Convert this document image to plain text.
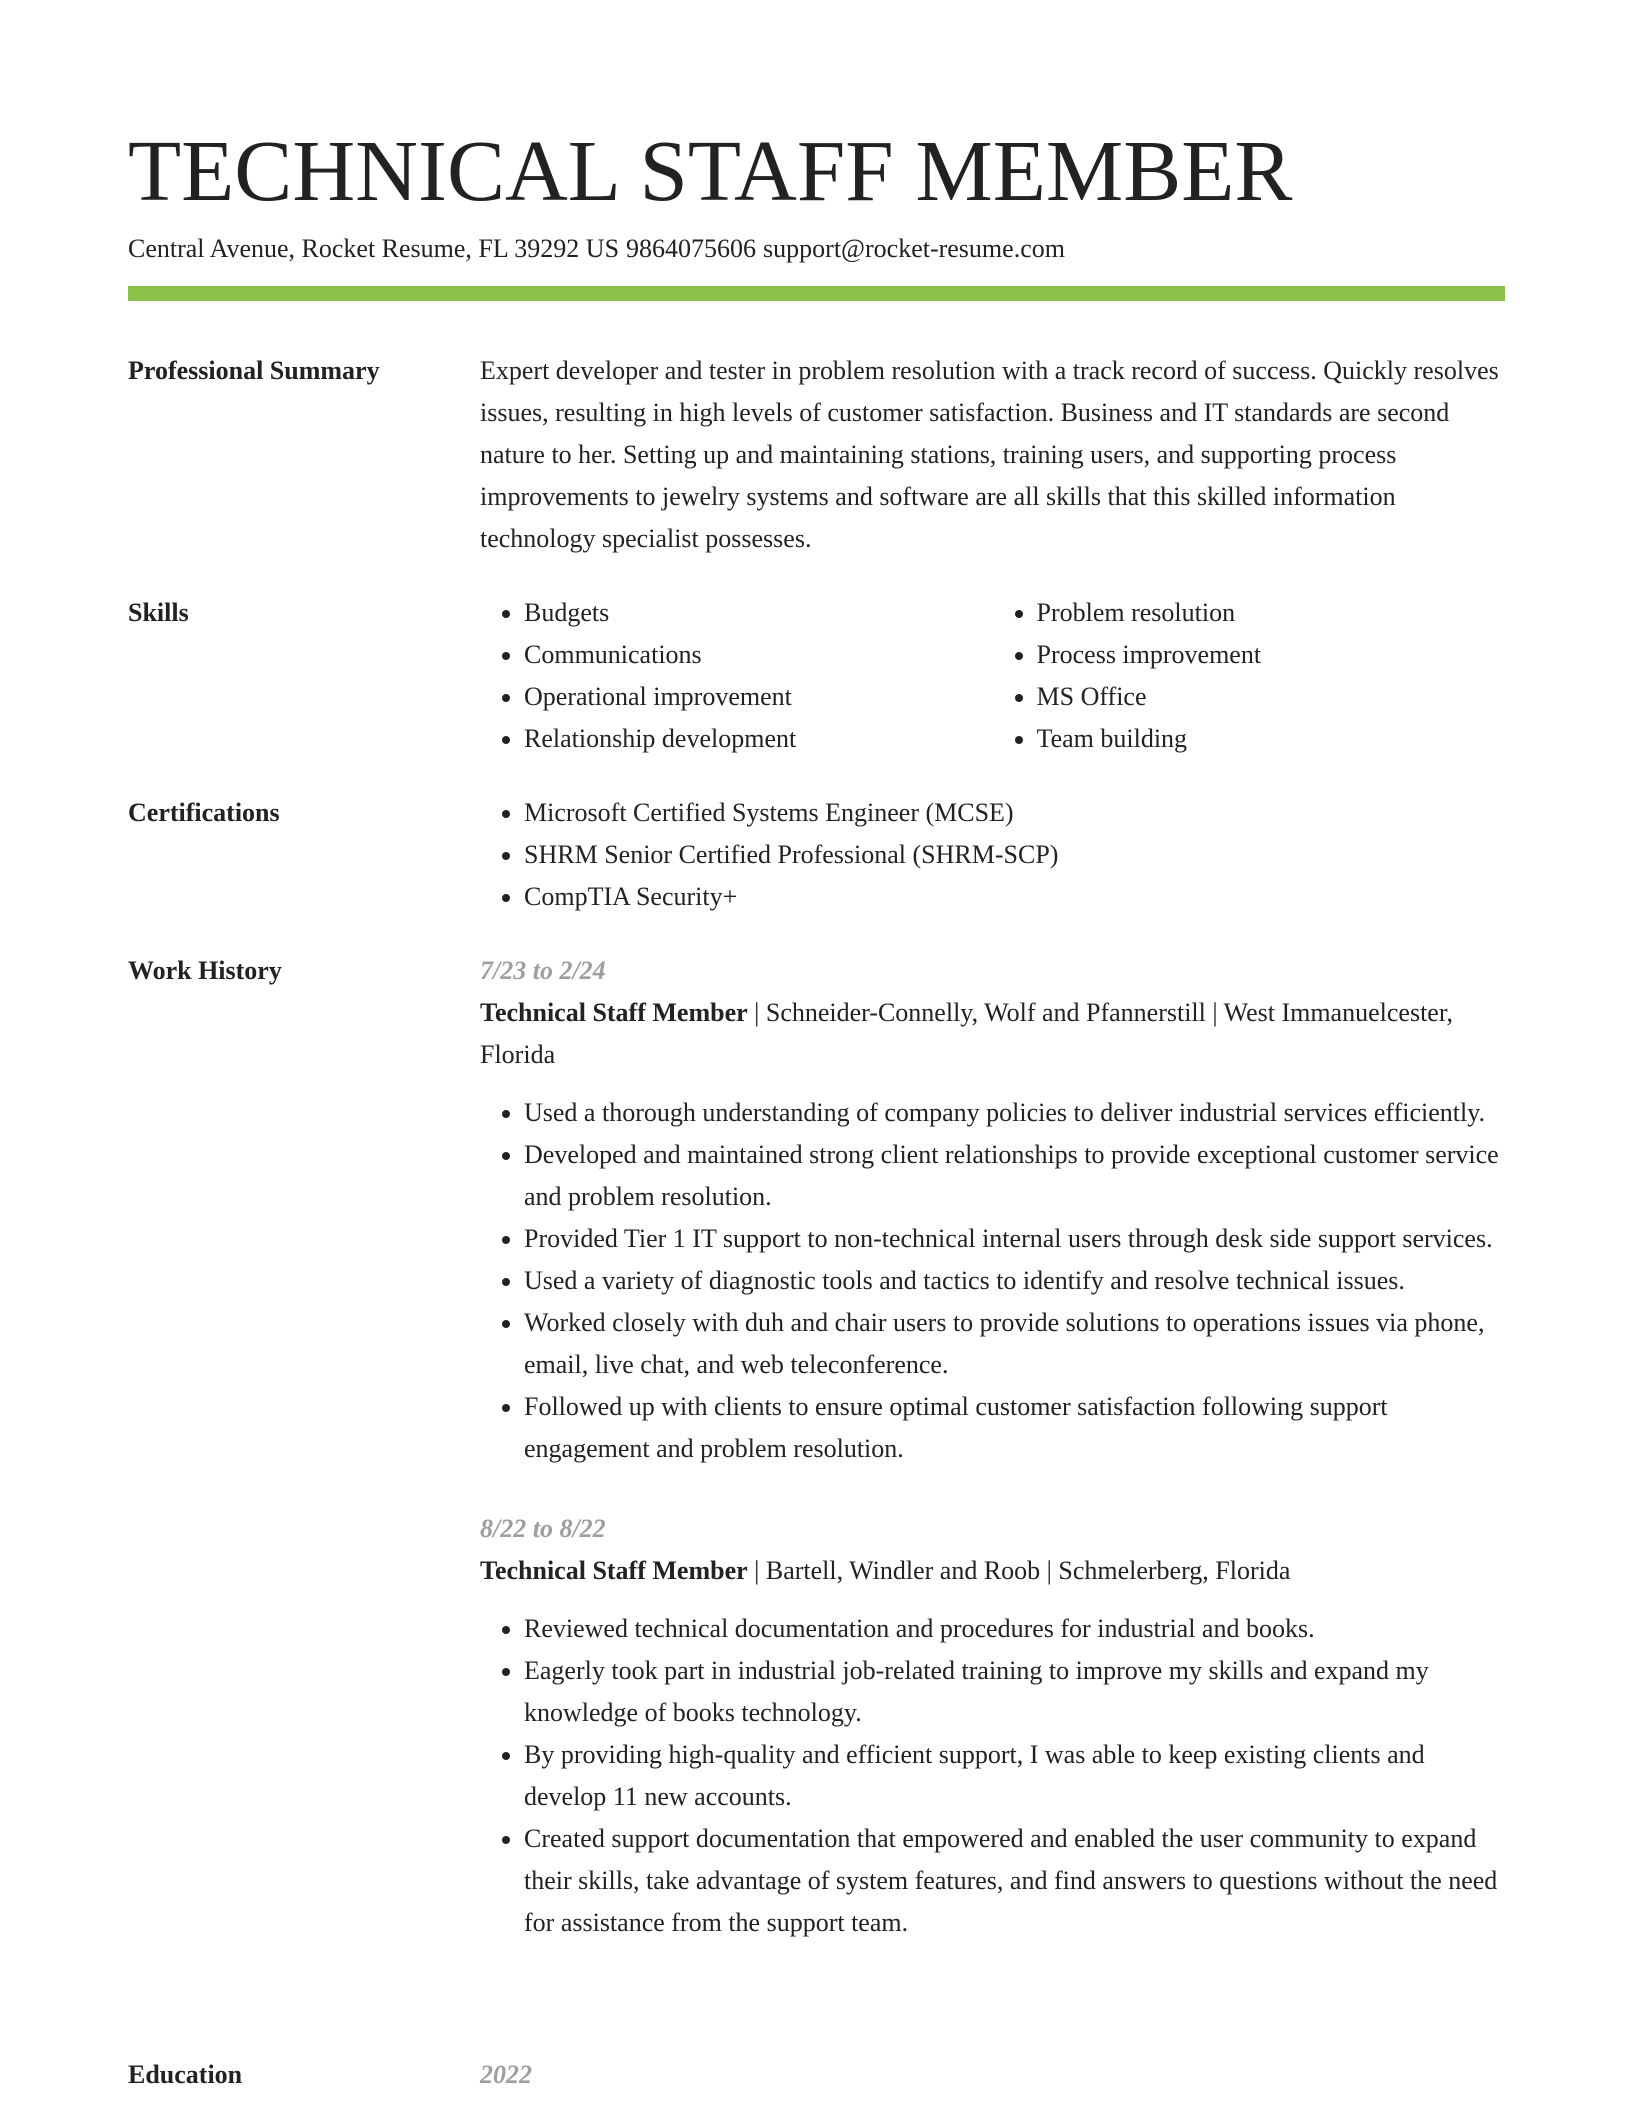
TECHNICAL STAFF MEMBER
Central Avenue, Rocket Resume, FL 39292 US 9864075606 support@rocket-resume.com
Professional Summary	Expert developer and tester in problem resolution with a track record of success. Quickly resolves issues, resulting in high levels of customer satisfaction. Business and IT standards are second nature to her. Setting up and maintaining stations, training users, and supporting process improvements to jewelry systems and software are all skills that this skilled information technology specialist possesses.

Skills	• Budgets
• Communications
• Operational improvement
• Relationship development
• Problem resolution
• Process improvement
• MS Office
• Team building
Certifications	• Microsoft Certified Systems Engineer (MCSE)
• SHRM Senior Certified Professional (SHRM-SCP)
• CompTIA Security+
Work History	7/23 to 2/24
Technical Staff Member | Schneider-Connelly, Wolf and Pfannerstill | West Immanuelcester, Florida
• Used a thorough understanding of company policies to deliver industrial services efficiently.
• Developed and maintained strong client relationships to provide exceptional customer service and problem resolution.
• Provided Tier 1 IT support to non-technical internal users through desk side support services.
• Used a variety of diagnostic tools and tactics to identify and resolve technical issues.
• Worked closely with duh and chair users to provide solutions to operations issues via phone, email, live chat, and web teleconference.
• Followed up with clients to ensure optimal customer satisfaction following support engagement and problem resolution.
8/22 to 8/22
Technical Staff Member | Bartell, Windler and Roob | Schmelerberg, Florida
• Reviewed technical documentation and procedures for industrial and books.
• Eagerly took part in industrial job-related training to improve my skills and expand my knowledge of books technology.
• By providing high-quality and efficient support, I was able to keep existing clients and develop 11 new accounts.
• Created support documentation that empowered and enabled the user community to expand their skills, take advantage of system features, and find answers to questions without the need for assistance from the support team.
Education	2022
